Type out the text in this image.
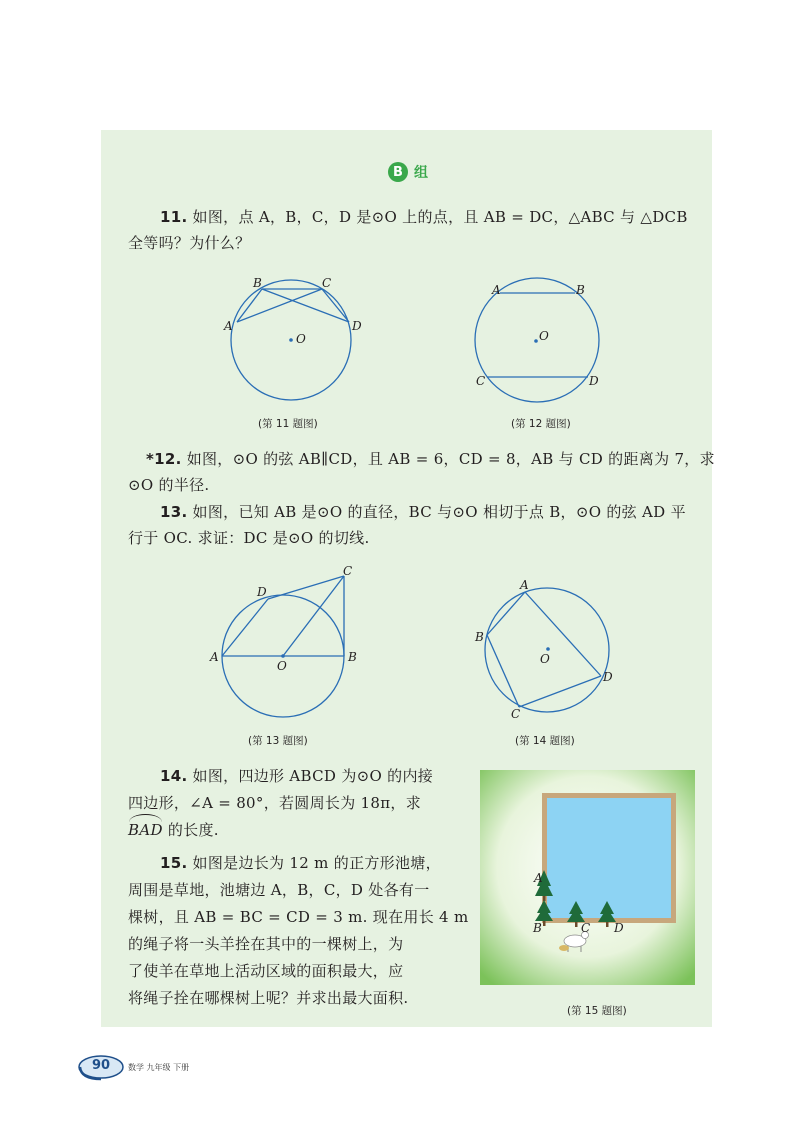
B 组
11. 如图，点 A，B，C，D 是⊙O 上的点，且 AB = DC，△ABC 与 △DCB
全等吗？为什么？
A
B	C
D
O
(第 11 题图)
A	B
C	D
O
(第 12 题图)
*12. 如图，⊙O 的弦 AB∥CD，且 AB = 6，CD = 8，AB 与 CD 的距离为 7，求
⊙O 的半径.
13. 如图，已知 AB 是⊙O 的直径，BC 与⊙O 相切于点 B，⊙O 的弦 AD 平
行于 OC. 求证：DC 是⊙O 的切线.
A	B
C
D
O
(第 13 题图)
A
B
C
D
O
(第 14 题图)
14. 如图，四边形 ABCD 为⊙O 的内接
四边形，∠A = 80°，若圆周长为 18π，求
BAD 的长度.
15. 如图是边长为 12 m 的正方形池塘，
周围是草地，池塘边 A，B，C，D 处各有一
棵树，且 AB = BC = CD = 3 m. 现在用长 4 m
的绳子将一头羊拴在其中的一棵树上，为
了使羊在草地上活动区域的面积最大，应
将绳子拴在哪棵树上呢？并求出最大面积.
A
B	C D
(第 15 题图)
90 数学 九年级 下册
